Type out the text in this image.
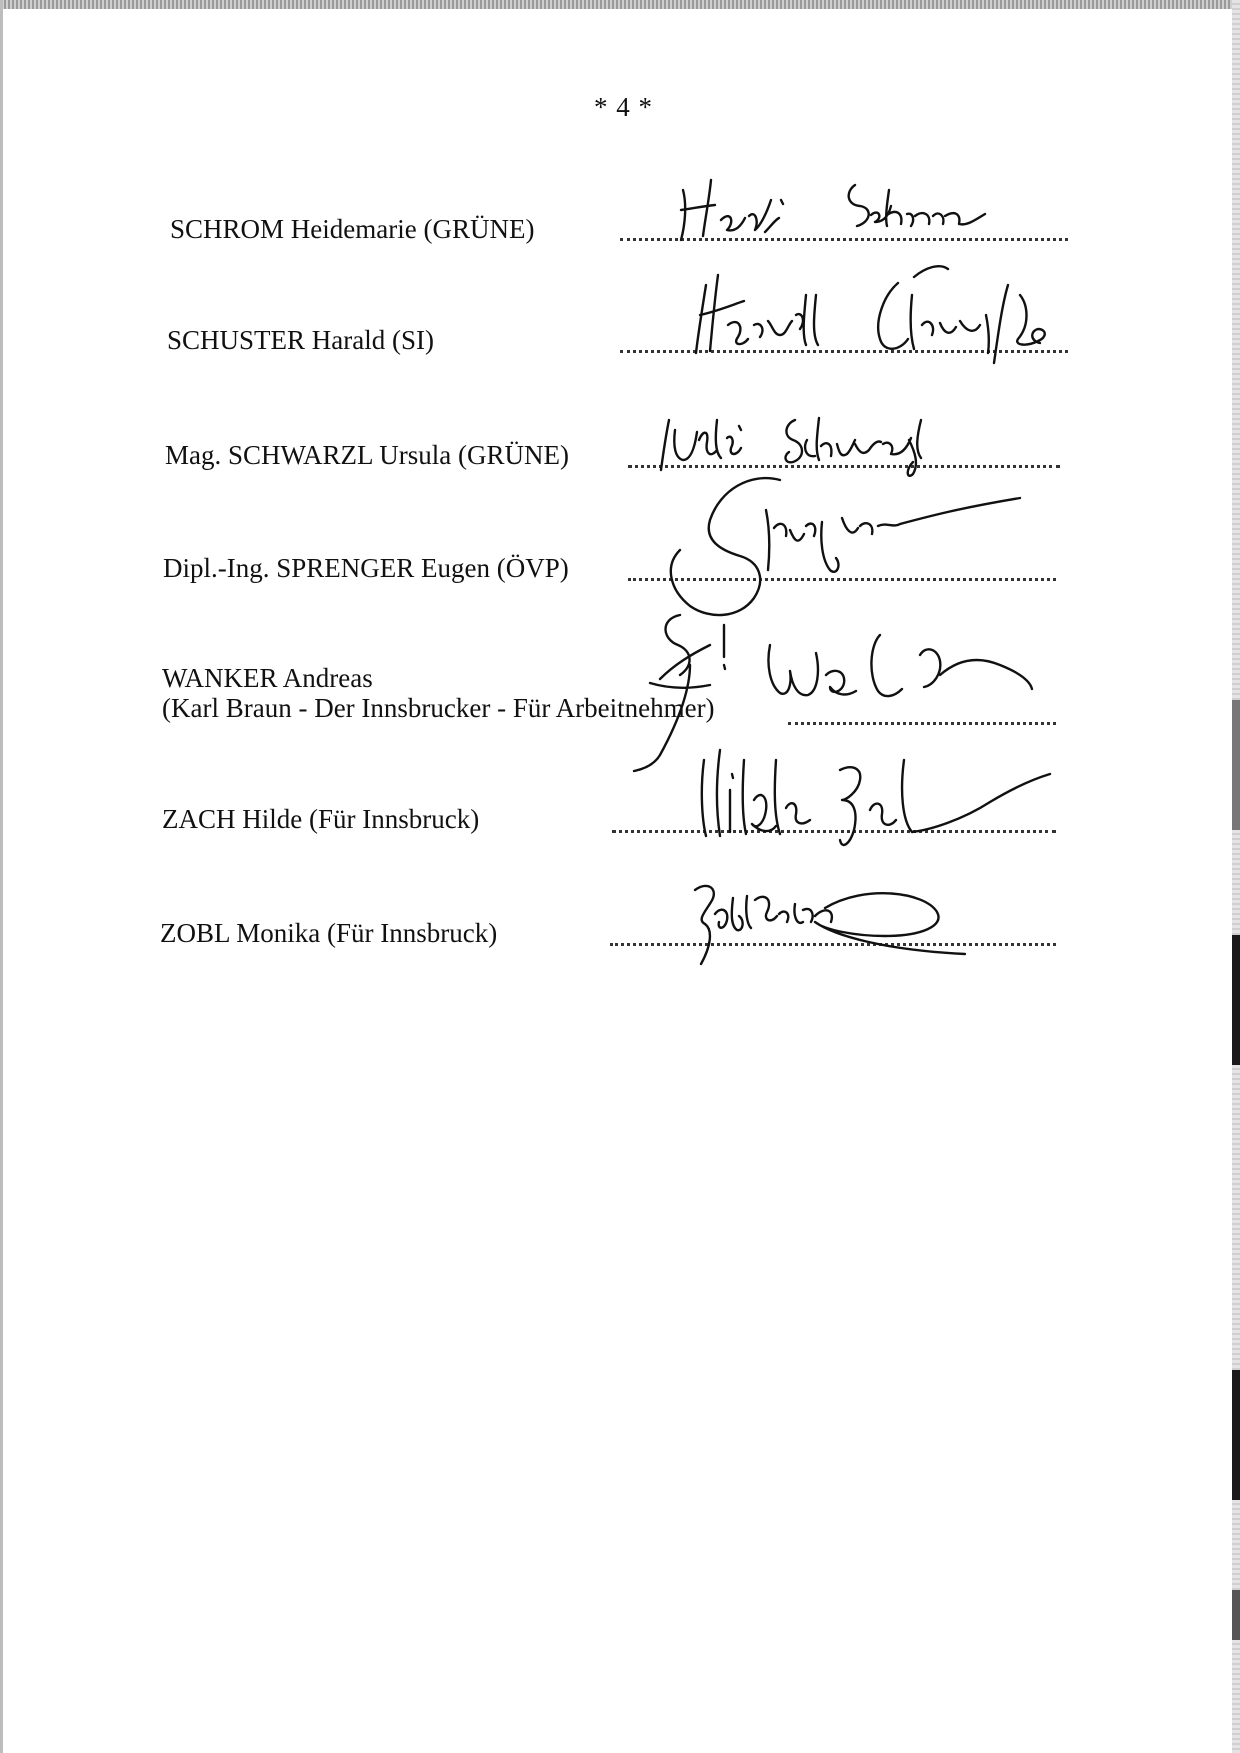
* 4 *
SCHROM Heidemarie (GRÜNE)
SCHUSTER Harald (SI)
Mag. SCHWARZL Ursula (GRÜNE)
Dipl.-Ing. SPRENGER Eugen (ÖVP)
WANKER Andreas
(Karl Braun - Der Innsbrucker - Für Arbeitnehmer)
ZACH Hilde (Für Innsbruck)
ZOBL Monika (Für Innsbruck)
